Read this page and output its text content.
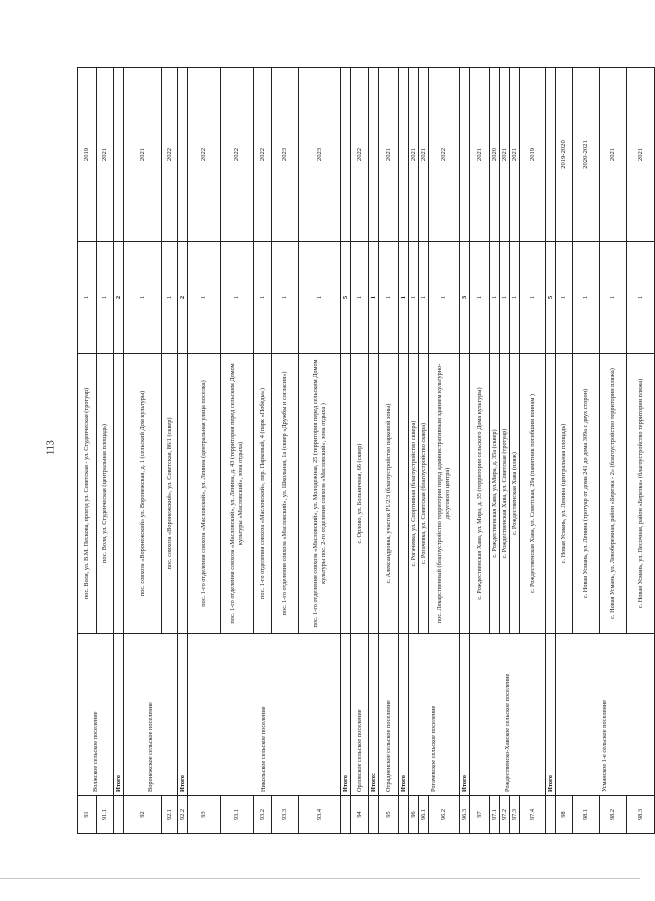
113
91	Волжское сельское поселение	пос. Воля, ул. В.М. Пескова, проезд ул. Советская - ул. Студенческая (тротуар)	1	2019
91.1		пос. Воля, ул. Студенческая (центральная площадь)	1	2021
	Итого		2	
92	Воронежское сельское поселение	пос. совхоза «Воронежский» ул. Воронежская, д. 1 (сельский Дом культуры)	1	2021
92.1		пос. совхоза «Воронежский», ул. Советская, 86/1 (сквер)	1	2022
92.2	Итого		2	
93	Никольское сельское поселение	пос. 1-го отделения совхоза «Масловский», ул. Ленина (центральная улица поселка)	1	2022
93.1		пос. 1-го отделения совхоза «Масловский», ул. Ленина, д. 43 (территория перед сельским Домом культуры «Масловский», зона отдыха)	1	2022
93.2		пос. 1-го отделения совхоза «Масловский», пер. Парковый, 4 (парк «Победы»)	1	2022
93.3		пос. 1-го отделения совхоза «Масловский», ул. Школьная, 1а (сквер «Дружбы и согласия»)	1	2023
93.4		пос. 1-го отделения совхоза «Масловский», ул. Молодежная, 25 (территория перед сельским Домом культуры пос. 2-го отделения совхоза «Масловский», зона отдыха )	1	2023
	Итого		5	
94	Орловское сельское поселение	с. Орлово, ул. Больничная, 66 (сквер)	1	2022
	Итого:		1	
95	Отрадненское сельское поселение	с. Александровка, участок Р1/2/3 (благоустройство парковой зоны)	1	2021
	Итого		1	
96	Рогачевское сельское поселение	с. Рогачевка, ул. Спортивная (благоустройство сквера)	1	2021
96.1		с. Рогачевка, ул. Советская (благоустройство сквера)	1	2021
96.2		пос. Лекарственный (благоустройство территории перед административным зданием культурно-досугового центра)	1	2022
96.3	Итого		3	
97	Рождественско-Хавское сельское поселение	с. Рождественская Хава, ул. Мира, д. 35 (территория сельского Дома культуры)	1	2021
97.1		с. Рождественская Хава, ул.Мира, д. 35а (сквер)	1	2020
97.2		с. Рождественская Хава, ул. Советская (тротуар)	1	2021
97.3		с. Рождественская Хава (пляж)	1	2021
97.4		с. Рождественская Хава, ул. Советская, 29а (памятник погибшим воинам )	1	2019
	Итого		5	
98	Усманское 1-е сельское поселение	с. Новая Усмань, ул. Ленина (центральная площадь)	1	2019-2020
98.1		с. Новая Усмань, ул. Ленина (тротуар от дома 241 до дома 309а с двух сторон)	1	2020-2021
98.2		с. Новая Усмань, ул. Левобережная, район «Березка - 2» (благоустройство территории пляжа)	1	2021
98.3		с. Новая Усмань, ул. Песочная, район «Березка» (благоустройство территории пляжа)	1	2021
